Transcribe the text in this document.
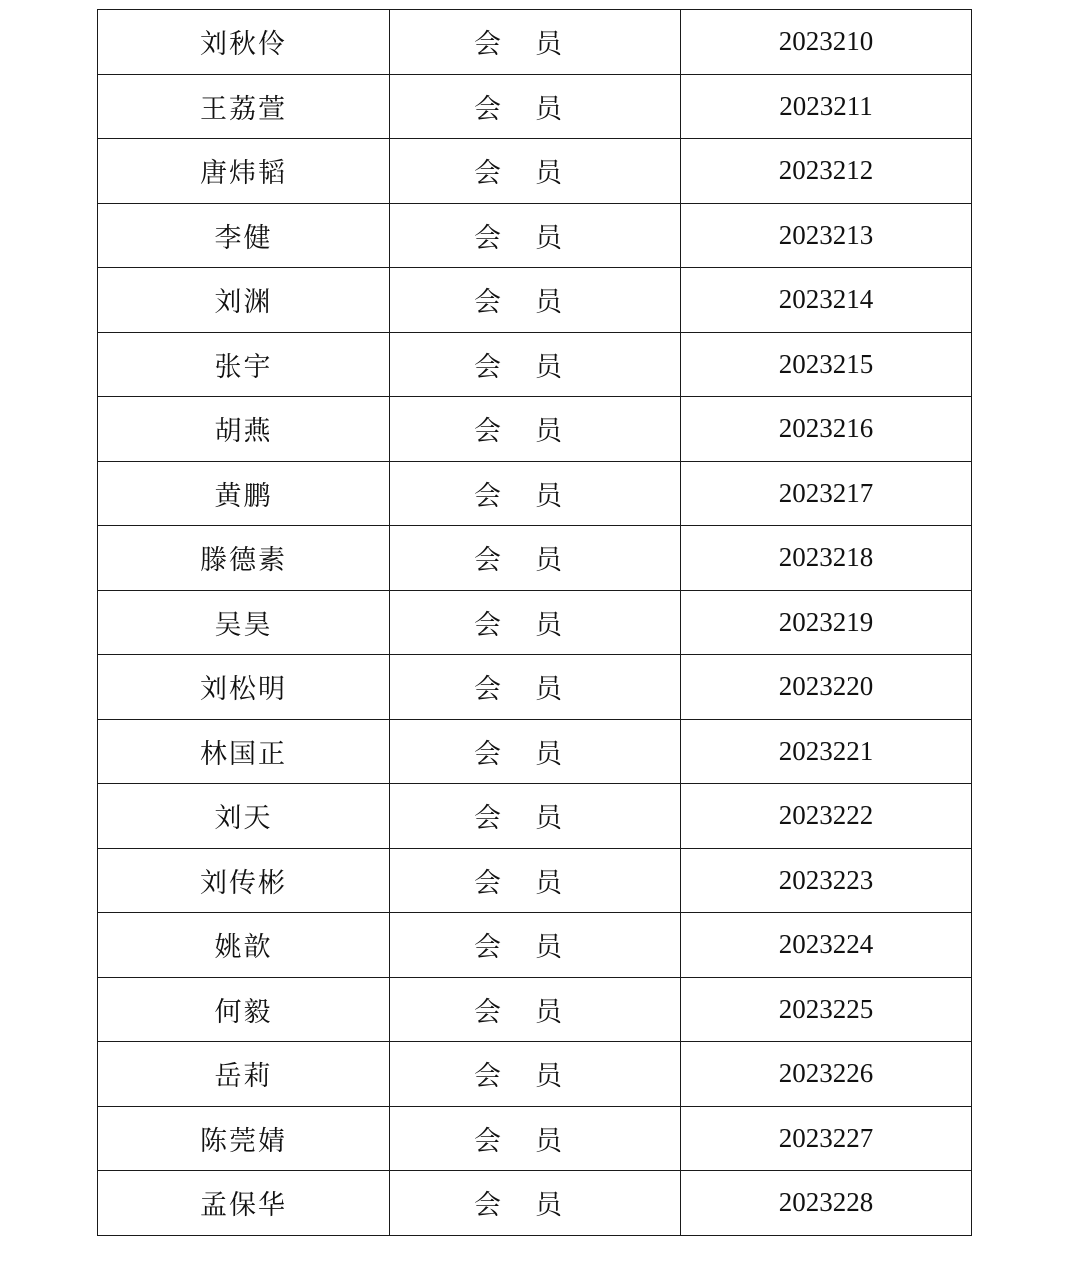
刘秋伶	会员	2023210
王荔萱	会员	2023211
唐炜韬	会员	2023212
李健	会员	2023213
刘渊	会员	2023214
张宇	会员	2023215
胡燕	会员	2023216
黄鹏	会员	2023217
滕德素	会员	2023218
吴昊	会员	2023219
刘松明	会员	2023220
林国正	会员	2023221
刘天	会员	2023222
刘传彬	会员	2023223
姚歆	会员	2023224
何毅	会员	2023225
岳莉	会员	2023226
陈莞婧	会员	2023227
孟保华	会员	2023228
